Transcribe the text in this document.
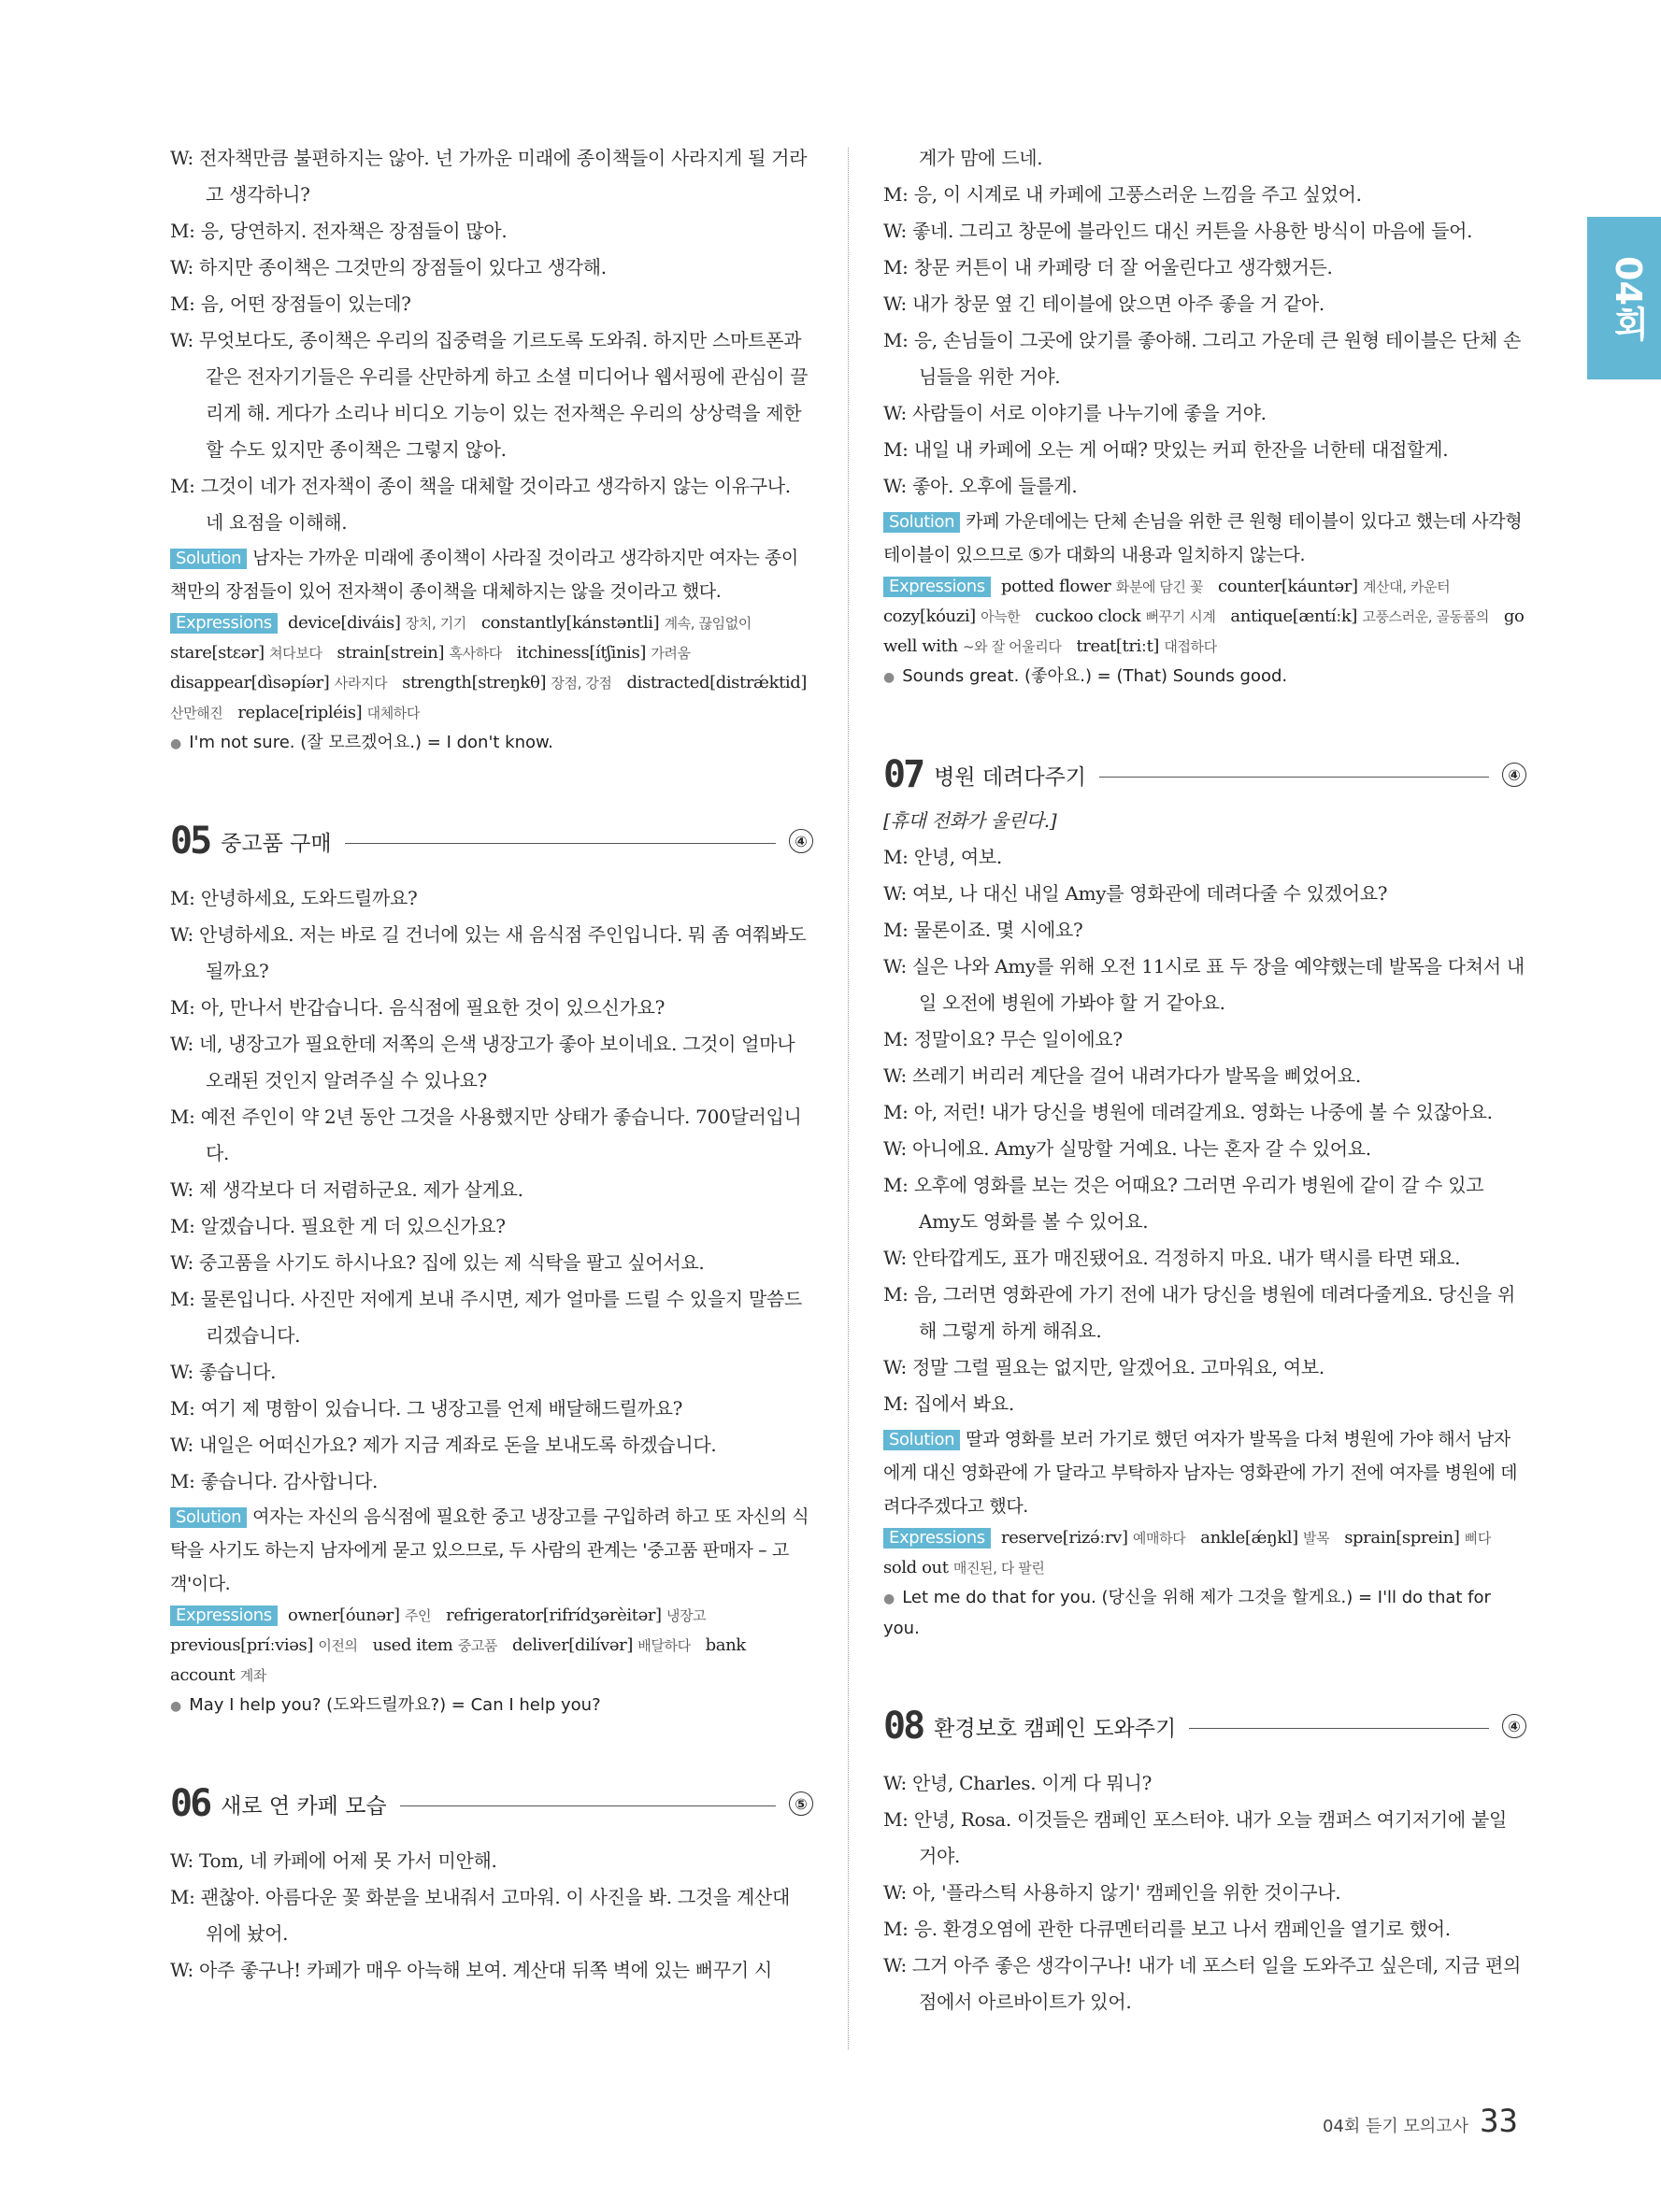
04회
W: 전자책만큼 불편하지는 않아. 넌 가까운 미래에 종이책들이 사라지게 될 거라고 생각하니?
M: 응, 당연하지. 전자책은 장점들이 많아.
W: 하지만 종이책은 그것만의 장점들이 있다고 생각해.
M: 음, 어떤 장점들이 있는데?
W: 무엇보다도, 종이책은 우리의 집중력을 기르도록 도와줘. 하지만 스마트폰과 같은 전자기기들은 우리를 산만하게 하고 소셜 미디어나 웹서핑에 관심이 끌리게 해. 게다가 소리나 비디오 기능이 있는 전자책은 우리의 상상력을 제한할 수도 있지만 종이책은 그렇지 않아.
M: 그것이 네가 전자책이 종이 책을 대체할 것이라고 생각하지 않는 이유구나. 네 요점을 이해해.
Solution 남자는 가까운 미래에 종이책이 사라질 것이라고 생각하지만 여자는 종이책만의 장점들이 있어 전자책이 종이책을 대체하지는 않을 것이라고 했다.
Expressions device[diváis] 장치, 기기 constantly[kánstəntli] 계속, 끊임없이 stare[stɛər] 쳐다보다 strain[strein] 혹사하다 itchiness[ítʃinis] 가려움 disappear[dìsəpíər] 사라지다 strength[streŋkθ] 장점, 강점 distracted[distrǽktid] 산만해진 replace[ripléis] 대체하다
● I'm not sure. (잘 모르겠어요.) = I don't know.
05 중고품 구매	④
M: 안녕하세요, 도와드릴까요?
W: 안녕하세요. 저는 바로 길 건너에 있는 새 음식점 주인입니다. 뭐 좀 여쭤봐도 될까요?
M: 아, 만나서 반갑습니다. 음식점에 필요한 것이 있으신가요?
W: 네, 냉장고가 필요한데 저쪽의 은색 냉장고가 좋아 보이네요. 그것이 얼마나 오래된 것인지 알려주실 수 있나요?
M: 예전 주인이 약 2년 동안 그것을 사용했지만 상태가 좋습니다. 700달러입니다.
W: 제 생각보다 더 저렴하군요. 제가 살게요.
M: 알겠습니다. 필요한 게 더 있으신가요?
W: 중고품을 사기도 하시나요? 집에 있는 제 식탁을 팔고 싶어서요.
M: 물론입니다. 사진만 저에게 보내 주시면, 제가 얼마를 드릴 수 있을지 말씀드리겠습니다.
W: 좋습니다.
M: 여기 제 명함이 있습니다. 그 냉장고를 언제 배달해드릴까요?
W: 내일은 어떠신가요? 제가 지금 계좌로 돈을 보내도록 하겠습니다.
M: 좋습니다. 감사합니다.
Solution 여자는 자신의 음식점에 필요한 중고 냉장고를 구입하려 하고 또 자신의 식탁을 사기도 하는지 남자에게 묻고 있으므로, 두 사람의 관계는 '중고품 판매자 – 고객'이다.
Expressions owner[óunər] 주인 refrigerator[rifrídʒərèitər] 냉장고   previous[príːviəs] 이전의 used item 중고품 deliver[dilívər] 배달하다 bank account 계좌
● May I help you? (도와드릴까요?) = Can I help you?
06 새로 연 카페 모습	⑤
W: Tom, 네 카페에 어제 못 가서 미안해.
M: 괜찮아. 아름다운 꽃 화분을 보내줘서 고마워. 이 사진을 봐. 그것을 계산대 위에 놨어.
W: 아주 좋구나! 카페가 매우 아늑해 보여. 계산대 뒤쪽 벽에 있는 뻐꾸기 시
계가 맘에 드네.
M: 응, 이 시계로 내 카페에 고풍스러운 느낌을 주고 싶었어.
W: 좋네. 그리고 창문에 블라인드 대신 커튼을 사용한 방식이 마음에 들어.
M: 창문 커튼이 내 카페랑 더 잘 어울린다고 생각했거든.
W: 내가 창문 옆 긴 테이블에 앉으면 아주 좋을 거 같아.
M: 응, 손님들이 그곳에 앉기를 좋아해. 그리고 가운데 큰 원형 테이블은 단체 손님들을 위한 거야.
W: 사람들이 서로 이야기를 나누기에 좋을 거야.
M: 내일 내 카페에 오는 게 어때? 맛있는 커피 한잔을 너한테 대접할게.
W: 좋아. 오후에 들를게.
Solution 카페 가운데에는 단체 손님을 위한 큰 원형 테이블이 있다고 했는데 사각형 테이블이 있으므로 ⑤가 대화의 내용과 일치하지 않는다.
Expressions potted flower 화분에 담긴 꽃 counter[káuntər] 계산대, 카운터 cozy[kóuzi] 아늑한 cuckoo clock 뻐꾸기 시계 antique[æntíːk] 고풍스러운, 골동품의 go well with ~와 잘 어울리다 treat[triːt] 대접하다
● Sounds great. (좋아요.) = (That) Sounds good.
07 병원 데려다주기	④
[휴대 전화가 울린다.]
M: 안녕, 여보.
W: 여보, 나 대신 내일 Amy를 영화관에 데려다줄 수 있겠어요?
M: 물론이죠. 몇 시에요?
W: 실은 나와 Amy를 위해 오전 11시로 표 두 장을 예약했는데 발목을 다쳐서 내일 오전에 병원에 가봐야 할 거 같아요.
M: 정말이요? 무슨 일이에요?
W: 쓰레기 버리러 계단을 걸어 내려가다가 발목을 삐었어요.
M: 아, 저런! 내가 당신을 병원에 데려갈게요. 영화는 나중에 볼 수 있잖아요.
W: 아니에요. Amy가 실망할 거예요. 나는 혼자 갈 수 있어요.
M: 오후에 영화를 보는 것은 어때요? 그러면 우리가 병원에 같이 갈 수 있고 Amy도 영화를 볼 수 있어요.
W: 안타깝게도, 표가 매진됐어요. 걱정하지 마요. 내가 택시를 타면 돼요.
M: 음, 그러면 영화관에 가기 전에 내가 당신을 병원에 데려다줄게요. 당신을 위해 그렇게 하게 해줘요.
W: 정말 그럴 필요는 없지만, 알겠어요. 고마워요, 여보.
M: 집에서 봐요.
Solution 딸과 영화를 보러 가기로 했던 여자가 발목을 다쳐 병원에 가야 해서 남자에게 대신 영화관에 가 달라고 부탁하자 남자는 영화관에 가기 전에 여자를 병원에 데려다주겠다고 했다.
Expressions reserve[rizə́ːrv] 예매하다 ankle[ǽŋkl] 발목 sprain[sprein] 삐다   sold out 매진된, 다 팔린
● Let me do that for you. (당신을 위해 제가 그것을 할게요.) = I'll do that for you.
08 환경보호 캠페인 도와주기	④
W: 안녕, Charles. 이게 다 뭐니?
M: 안녕, Rosa. 이것들은 캠페인 포스터야. 내가 오늘 캠퍼스 여기저기에 붙일 거야.
W: 아, '플라스틱 사용하지 않기' 캠페인을 위한 것이구나.
M: 응. 환경오염에 관한 다큐멘터리를 보고 나서 캠페인을 열기로 했어.
W: 그거 아주 좋은 생각이구나! 내가 네 포스터 일을 도와주고 싶은데, 지금 편의점에서 아르바이트가 있어.
04회 듣기 모의고사 33
